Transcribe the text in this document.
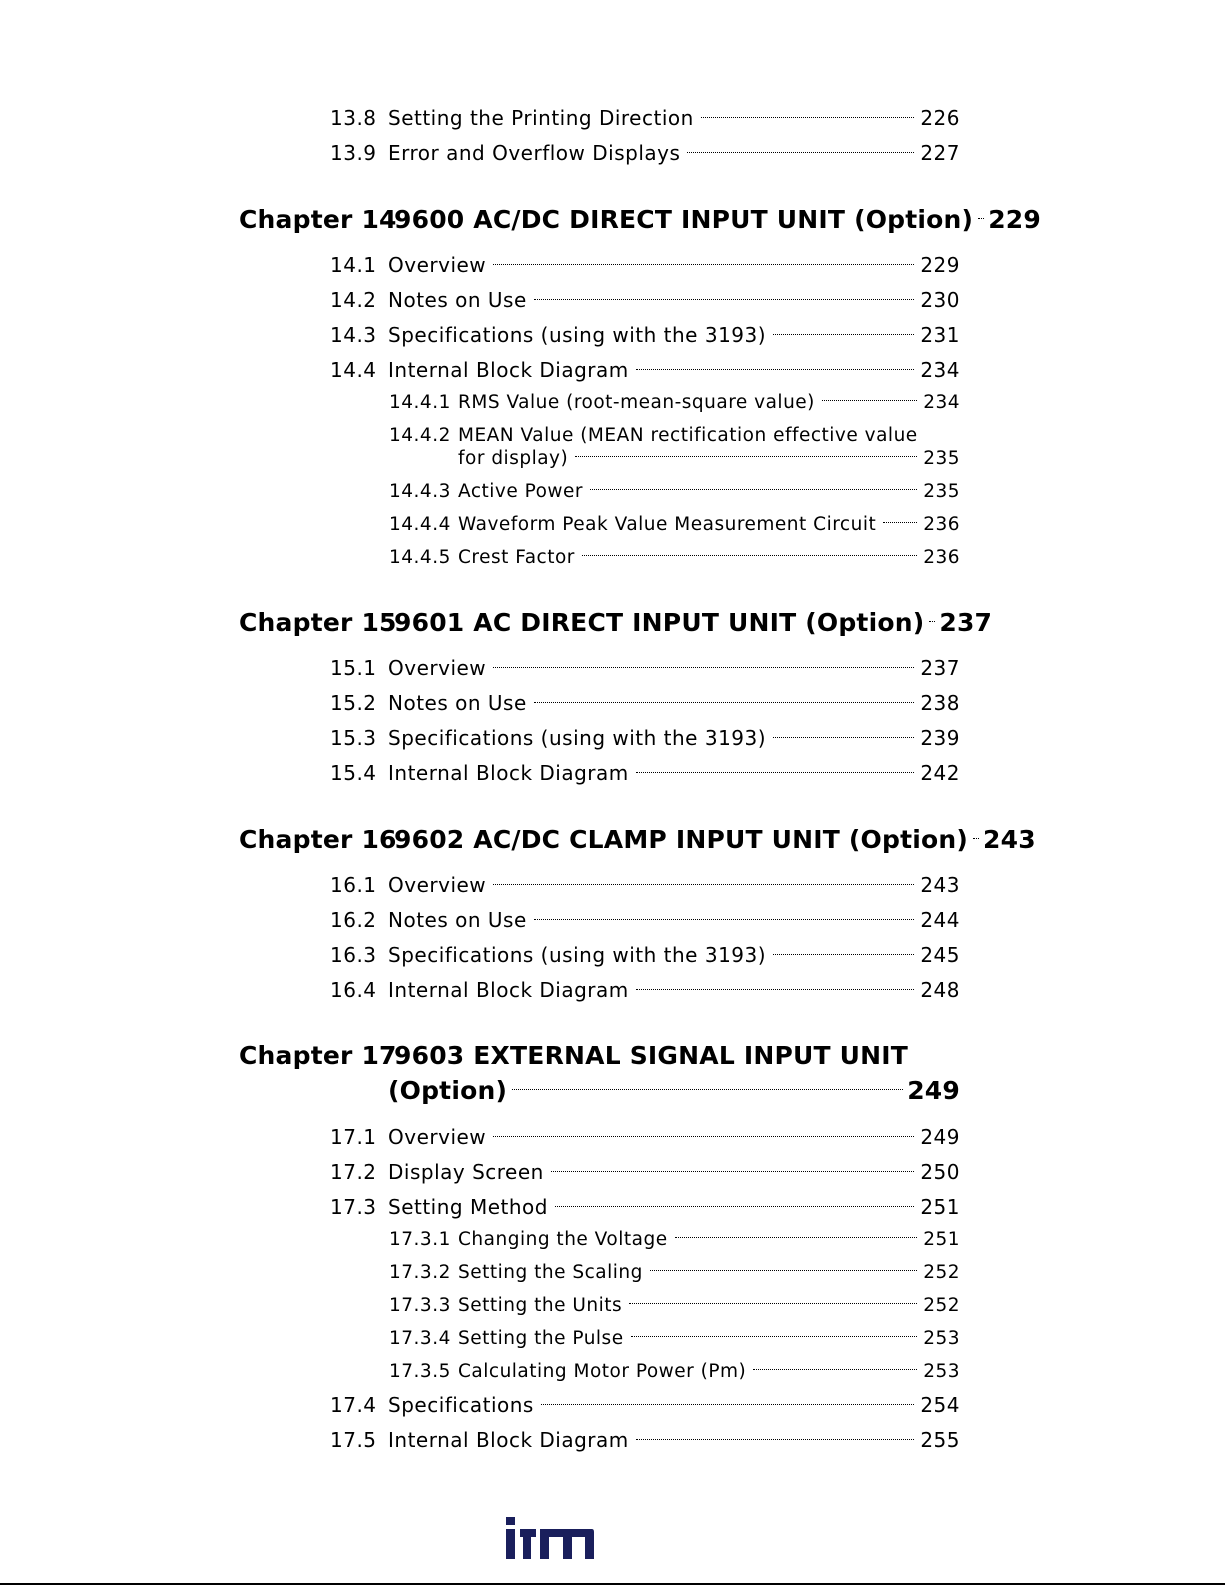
13.8 Setting the Printing Direction	226
13.9 Error and Overflow Displays	227
Chapter 14
9600 AC/DC DIRECT INPUT UNIT (Option) 229
14.1 Overview	229
14.2 Notes on Use	230
14.3 Specifications (using with the 3193)	231
14.4 Internal Block Diagram	234
14.4.1 RMS Value (root-mean-square value)	234
14.4.2 MEAN Value (MEAN rectification effective value
for display)	235
14.4.3 Active Power	235
14.4.4 Waveform Peak Value Measurement Circuit	236
14.4.5 Crest Factor	236
Chapter 15
9601 AC DIRECT INPUT UNIT (Option) 237
15.1 Overview	237
15.2 Notes on Use	238
15.3 Specifications (using with the 3193)	239
15.4 Internal Block Diagram	242
Chapter 16
9602 AC/DC CLAMP INPUT UNIT (Option) 243
16.1 Overview	243
16.2 Notes on Use	244
16.3 Specifications (using with the 3193)	245
16.4 Internal Block Diagram	248
Chapter 179603 EXTERNAL SIGNAL INPUT UNIT
(Option)	249
17.1 Overview	249
17.2 Display Screen	250
17.3 Setting Method	251
17.3.1 Changing the Voltage	251
17.3.2 Setting the Scaling	252
17.3.3 Setting the Units	252
17.3.4 Setting the Pulse	253
17.3.5 Calculating Motor Power (Pm)	253
17.4 Specifications	254
17.5 Internal Block Diagram	255
